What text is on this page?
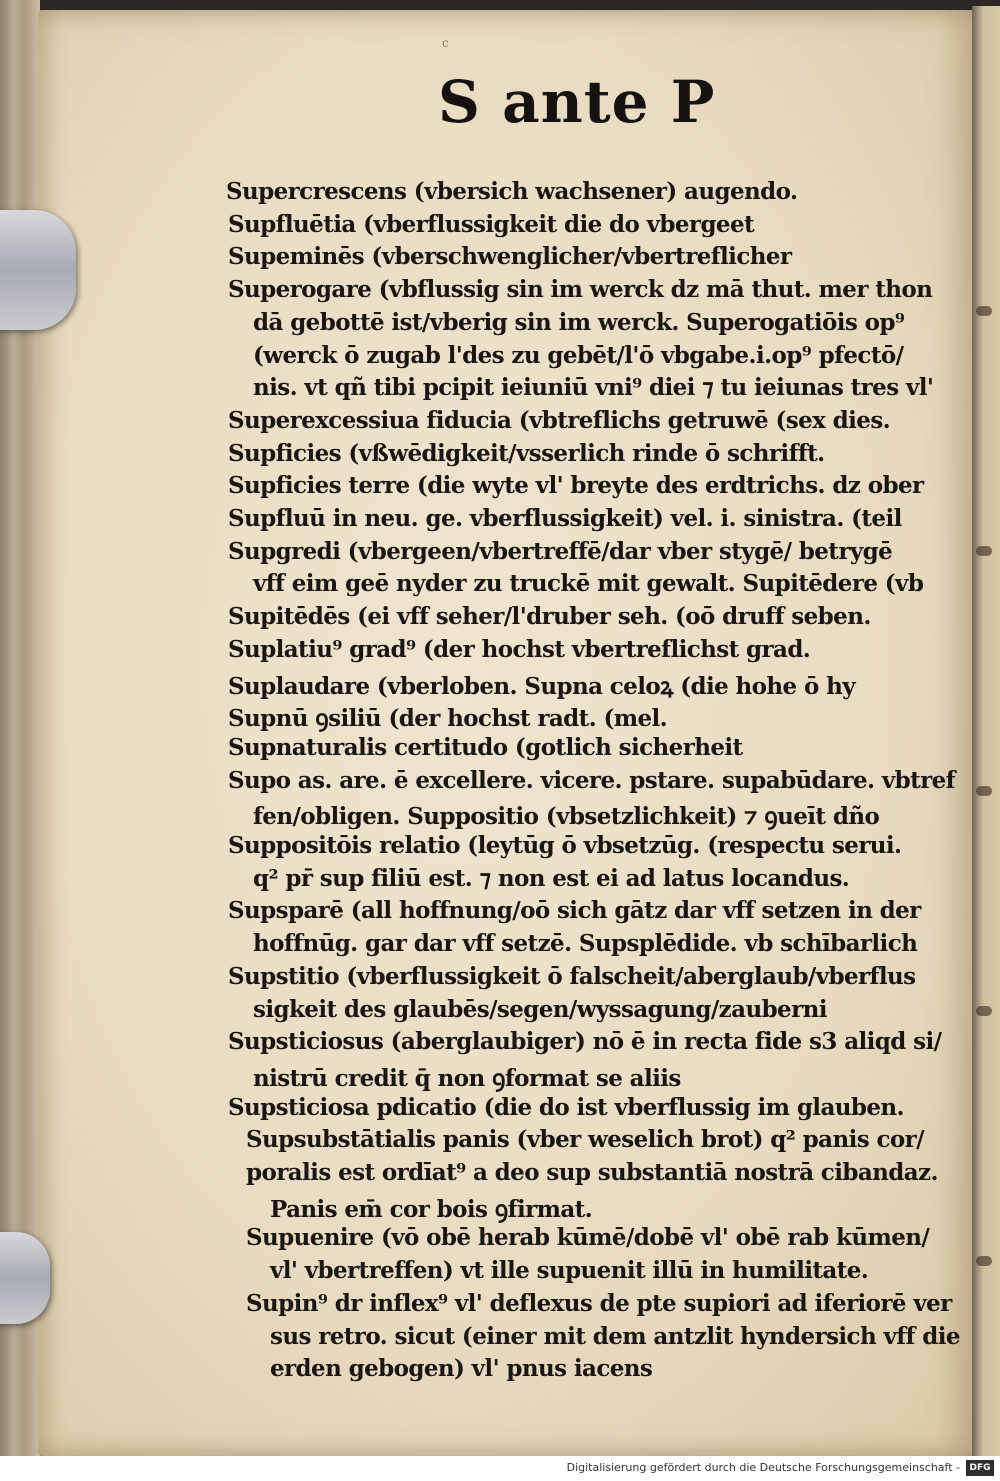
c
S ante P
Supercrescens (vbersich wachsener) augendo.
Supfluētia (vberflussigkeit die do vbergeet
Supeminēs (vberschwenglicher/vbertreflicher
Superogare (vbflussig sin im werck dz mā thut. mer thon
dā gebottē ist/vberig sin im werck. Superogatiōis op⁹
(werck ō zugab l'des zu gebēt/l'ō vbgabe.i.op⁹ pfectō/
nis. vt qñ tibi pcipit ieiuniū vni⁹ diei ⁊ tu ieiunas tres vl'
Superexcessiua fiducia (vbtreflichs getruwē (sex dies.
Supficies (vßwēdigkeit/vsserlich rinde ō schrifft.
Supficies terre (die wyte vl' breyte des erdtrichs. dz ober
Supfluū in neu. ge. vberflussigkeit) vel. i. sinistra. (teil
Supgredi (vbergeen/vbertreffē/dar vber stygē/ betrygē
vff eim geē nyder zu truckē mit gewalt. Supitēdere (vb
Supitēdēs (ei vff seher/l'druber seh. (oō druff seben.
Suplatiu⁹ grad⁹ (der hochst vbertreflichst grad.
Suplaudare (vberloben. Supna celoꝝ (die hohe ō hy
Supnū ꝯsiliū (der hochst radt. (mel.
Supnaturalis certitudo (gotlich sicherheit
Supo as. are. ē excellere. vicere. pstare. supabūdare. vbtref
fen/obligen. Suppositio (vbsetzlichkeit) ⁊ ꝯueīt dño
Suppositōis relatio (leytūg ō vbsetzūg. (respectu serui.
q² pr̄ sup filiū est. ⁊ non est ei ad latus locandus.
Supsparē (all hoffnung/oō sich gātz dar vff setzen in der
hoffnūg. gar dar vff setzē. Supsplēdide. vb schībarlich
Supstitio (vberflussigkeit ō falscheit/aberglaub/vberflus
sigkeit des glaubēs/segen/wyssagung/zauberni
Supsticiosus (aberglaubiger) nō ē in recta fide s3 aliqd si/
nistrū credit q̄ non ꝯformat se aliis
Supsticiosa pdicatio (die do ist vberflussig im glauben.
Supsubstātialis panis (vber weselich brot) q² panis cor/
poralis est ordīat⁹ a deo sup substantiā nostrā cibandaz.
Panis em̄ cor bois ꝯfirmat.
Supuenire (vō obē herab kūmē/dobē vl' obē rab kūmen/
vl' vbertreffen) vt ille supuenit illū in humilitate.
Supin⁹ dr inflex⁹ vl' deflexus de pte supiori ad iferiorē ver
sus retro. sicut (einer mit dem antzlit hyndersich vff die
erden gebogen) vl' pnus iacens
Digitalisierung gefördert durch die Deutsche Forschungsgemeinschaft -	DFG
